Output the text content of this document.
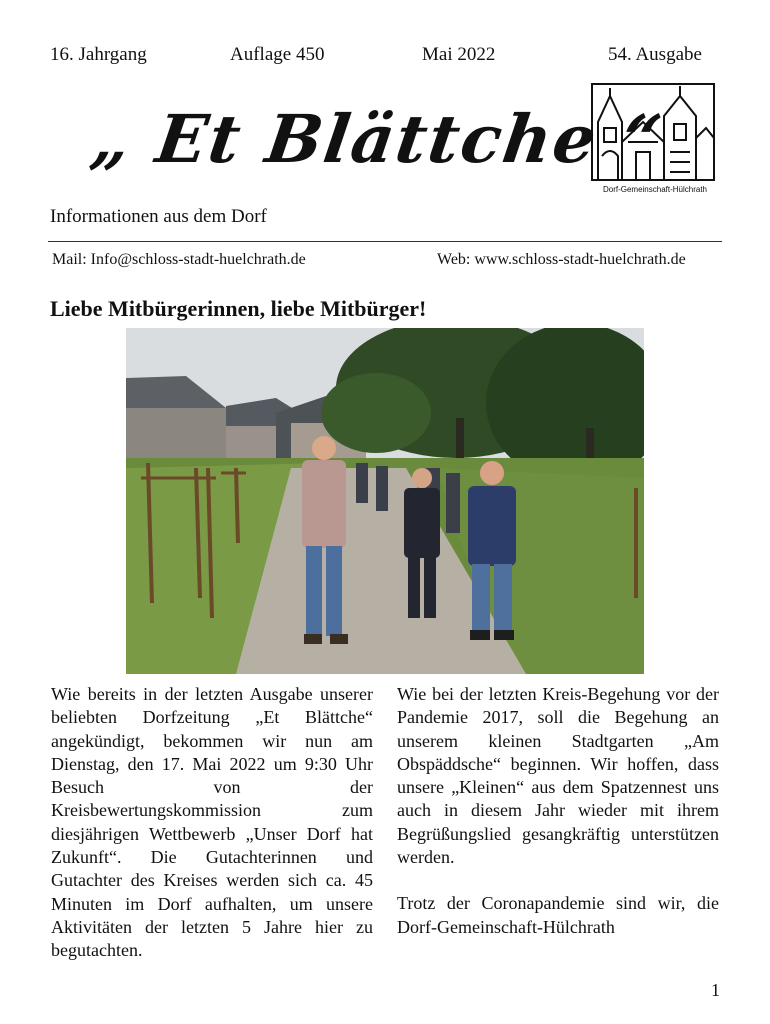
16. Jahrgang	Auflage 450	Mai 2022	54. Ausgabe
„ Et Blättche “
Dorf-Gemeinschaft-Hülchrath
Informationen aus dem Dorf
Mail: Info@schloss-stadt-huelchrath.de	Web: www.schloss-stadt-huelchrath.de
Liebe Mitbürgerinnen, liebe Mitbürger!

Wie bereits in der letzten Ausgabe unserer beliebten Dorfzeitung „Et Blättche“ angekündigt, bekommen wir nun am Dienstag, den 17. Mai 2022 um 9:30 Uhr Besuch von der Kreisbewertungskommission zum diesjährigen Wettbewerb „Unser Dorf hat Zukunft“. Die Gutachterinnen und Gutachter des Kreises werden sich ca. 45 Minuten im Dorf aufhalten, um unsere Aktivitäten der letzten 5 Jahre hier zu begutachten.

Wie bei der letzten Kreis-Begehung vor der Pandemie 2017, soll die Begehung an unserem kleinen Stadtgarten „Am Obspäddsche“ beginnen. Wir hoffen, dass unsere „Kleinen“ aus dem Spatzennest uns auch in diesem Jahr wieder mit ihrem Begrüßungslied gesangkräftig unterstützen werden.

Trotz der Coronapandemie sind wir, die Dorf-Gemeinschaft-Hülchrath

1
